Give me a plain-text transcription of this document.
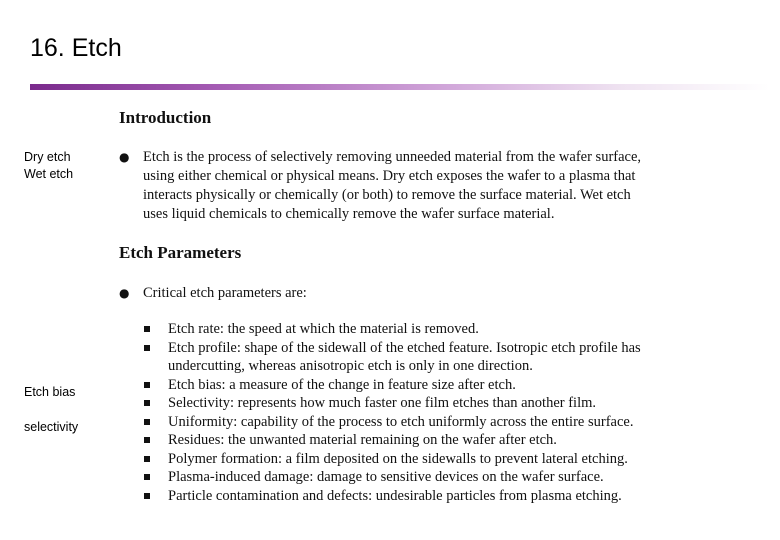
16. Etch
Dry etch
Wet etch
Etch bias
selectivity
Introduction
● Etch is the process of selectively removing unneeded material from the wafer surface,

using either chemical or physical means. Dry etch exposes the wafer to a plasma that

interacts physically or chemically (or both) to remove the surface material. Wet etch

uses liquid chemicals to chemically remove the wafer surface material.

Etch Parameters
● Critical etch parameters are:

Etch rate: the speed at which the material is removed.
Etch profile: shape of the sidewall of the etched feature. Isotropic etch profile has
undercutting, whereas anisotropic etch is only in one direction.
Etch bias: a measure of the change in feature size after etch.
Selectivity: represents how much faster one film etches than another film.
Uniformity: capability of the process to etch uniformly across the entire surface.
Residues: the unwanted material remaining on the wafer after etch.
Polymer formation: a film deposited on the sidewalls to prevent lateral etching.
Plasma-induced damage: damage to sensitive devices on the wafer surface.
Particle contamination and defects: undesirable particles from plasma etching.
